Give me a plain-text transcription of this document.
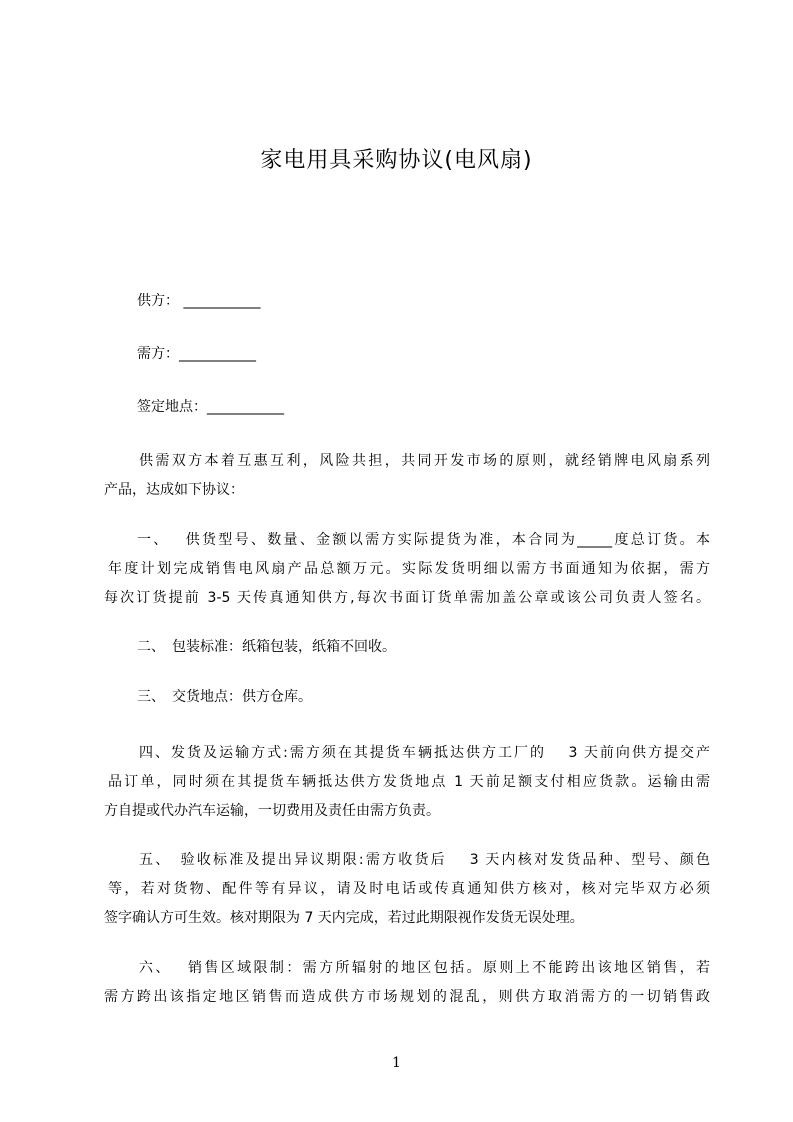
家电用具采购协议(电风扇)
供方： ___________
需方：___________
签定地点：___________
供需双方本着互惠互利，风险共担，共同开发市场的原则，就经销牌电风扇系列
产品，达成如下协议：
一、　 供货型号、数量、金额以需方实际提货为准，本合同为_____度总订货。本
年度计划完成销售电风扇产品总额万元。实际发货明细以需方书面通知为依据，需方
每次订货提前 3-5 天传真通知供方,每次书面订货单需加盖公章或该公司负责人签名。
二、　包装标准：纸箱包装，纸箱不回收。
三、　交货地点：供方仓库。
四、发货及运输方式:需方须在其提货车辆抵达供方工厂的　 3 天前向供方提交产
品订单，同时须在其提货车辆抵达供方发货地点 1 天前足额支付相应货款。运输由需
方自提或代办汽车运输，一切费用及责任由需方负责。
五、　验收标准及提出异议期限:需方收货后　 3 天内核对发货品种、型号、颜色
等，若对货物、配件等有异议，请及时电话或传真通知供方核对，核对完毕双方必须
签字确认方可生效。核对期限为 7 天内完成，若过此期限视作发货无误处理。
六、　 销售区域限制：需方所辐射的地区包括。原则上不能跨出该地区销售，若
需方跨出该指定地区销售而造成供方市场规划的混乱，则供方取消需方的一切销售政
1
